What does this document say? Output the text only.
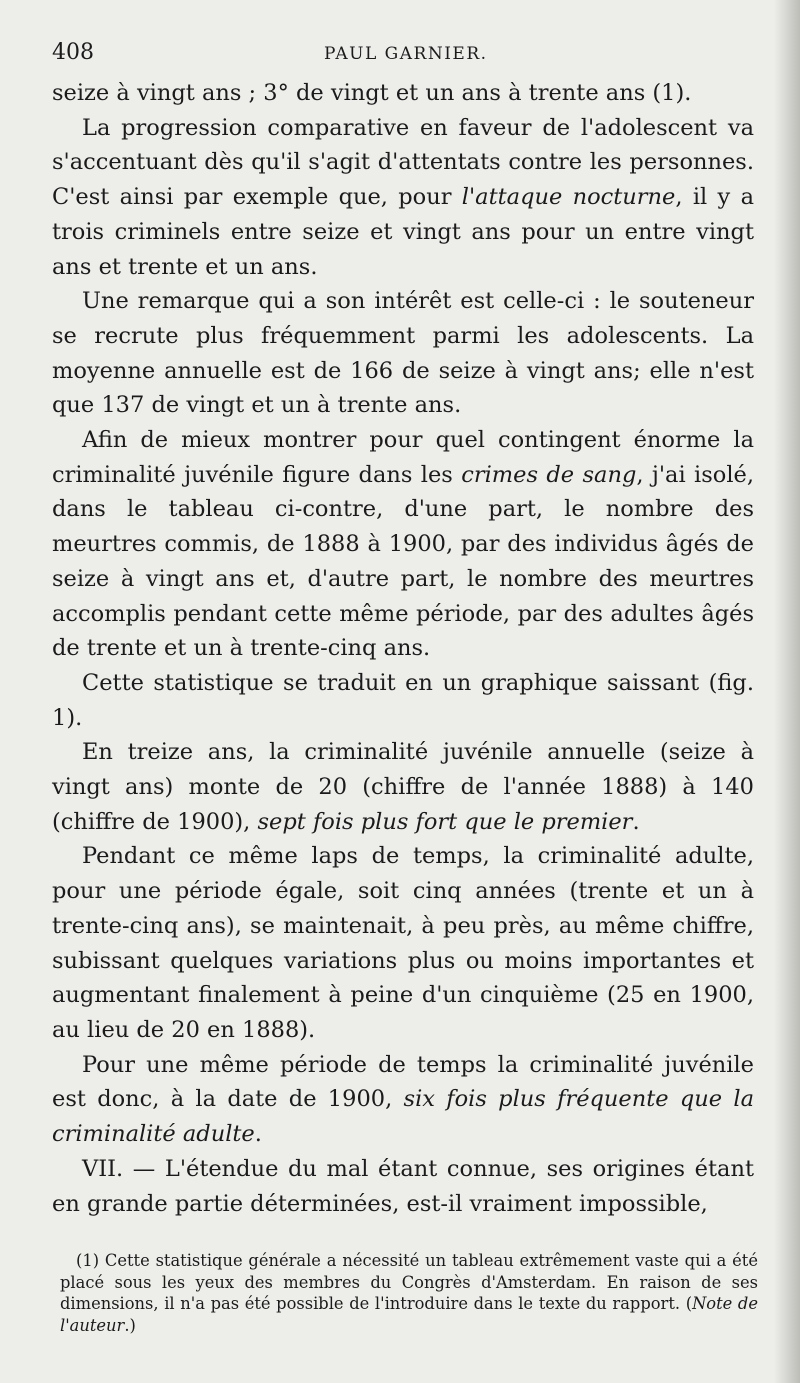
408	PAUL GARNIER.

seize à vingt ans ; 3° de vingt et un ans à trente ans (1).

La progression comparative en faveur de l'adolescent va s'accentuant dès qu'il s'agit d'attentats contre les personnes. C'est ainsi par exemple que, pour l'attaque nocturne, il y a trois criminels entre seize et vingt ans pour un entre vingt ans et trente et un ans.

Une remarque qui a son intérêt est celle-ci : le souteneur se recrute plus fréquemment parmi les adolescents. La moyenne annuelle est de 166 de seize à vingt ans; elle n'est que 137 de vingt et un à trente ans.

Afin de mieux montrer pour quel contingent énorme la criminalité juvénile figure dans les crimes de sang, j'ai isolé, dans le tableau ci-contre, d'une part, le nombre des meurtres commis, de 1888 à 1900, par des individus âgés de seize à vingt ans et, d'autre part, le nombre des meurtres accomplis pendant cette même période, par des adultes âgés de trente et un à trente-cinq ans.

Cette statistique se traduit en un graphique saissant (fig. 1).

En treize ans, la criminalité juvénile annuelle (seize à vingt ans) monte de 20 (chiffre de l'année 1888) à 140 (chiffre de 1900), sept fois plus fort que le premier.

Pendant ce même laps de temps, la criminalité adulte, pour une période égale, soit cinq années (trente et un à trente-cinq ans), se maintenait, à peu près, au même chiffre, subissant quelques variations plus ou moins importantes et augmentant finalement à peine d'un cinquième (25 en 1900, au lieu de 20 en 1888).

Pour une même période de temps la criminalité juvénile est donc, à la date de 1900, six fois plus fréquente que la criminalité adulte.

VII. — L'étendue du mal étant connue, ses origines étant en grande partie déterminées, est-il vraiment impossible,

(1) Cette statistique générale a nécessité un tableau extrêmement vaste qui a été placé sous les yeux des membres du Congrès d'Amsterdam. En raison de ses dimensions, il n'a pas été possible de l'introduire dans le texte du rapport. (Note de l'auteur.)
